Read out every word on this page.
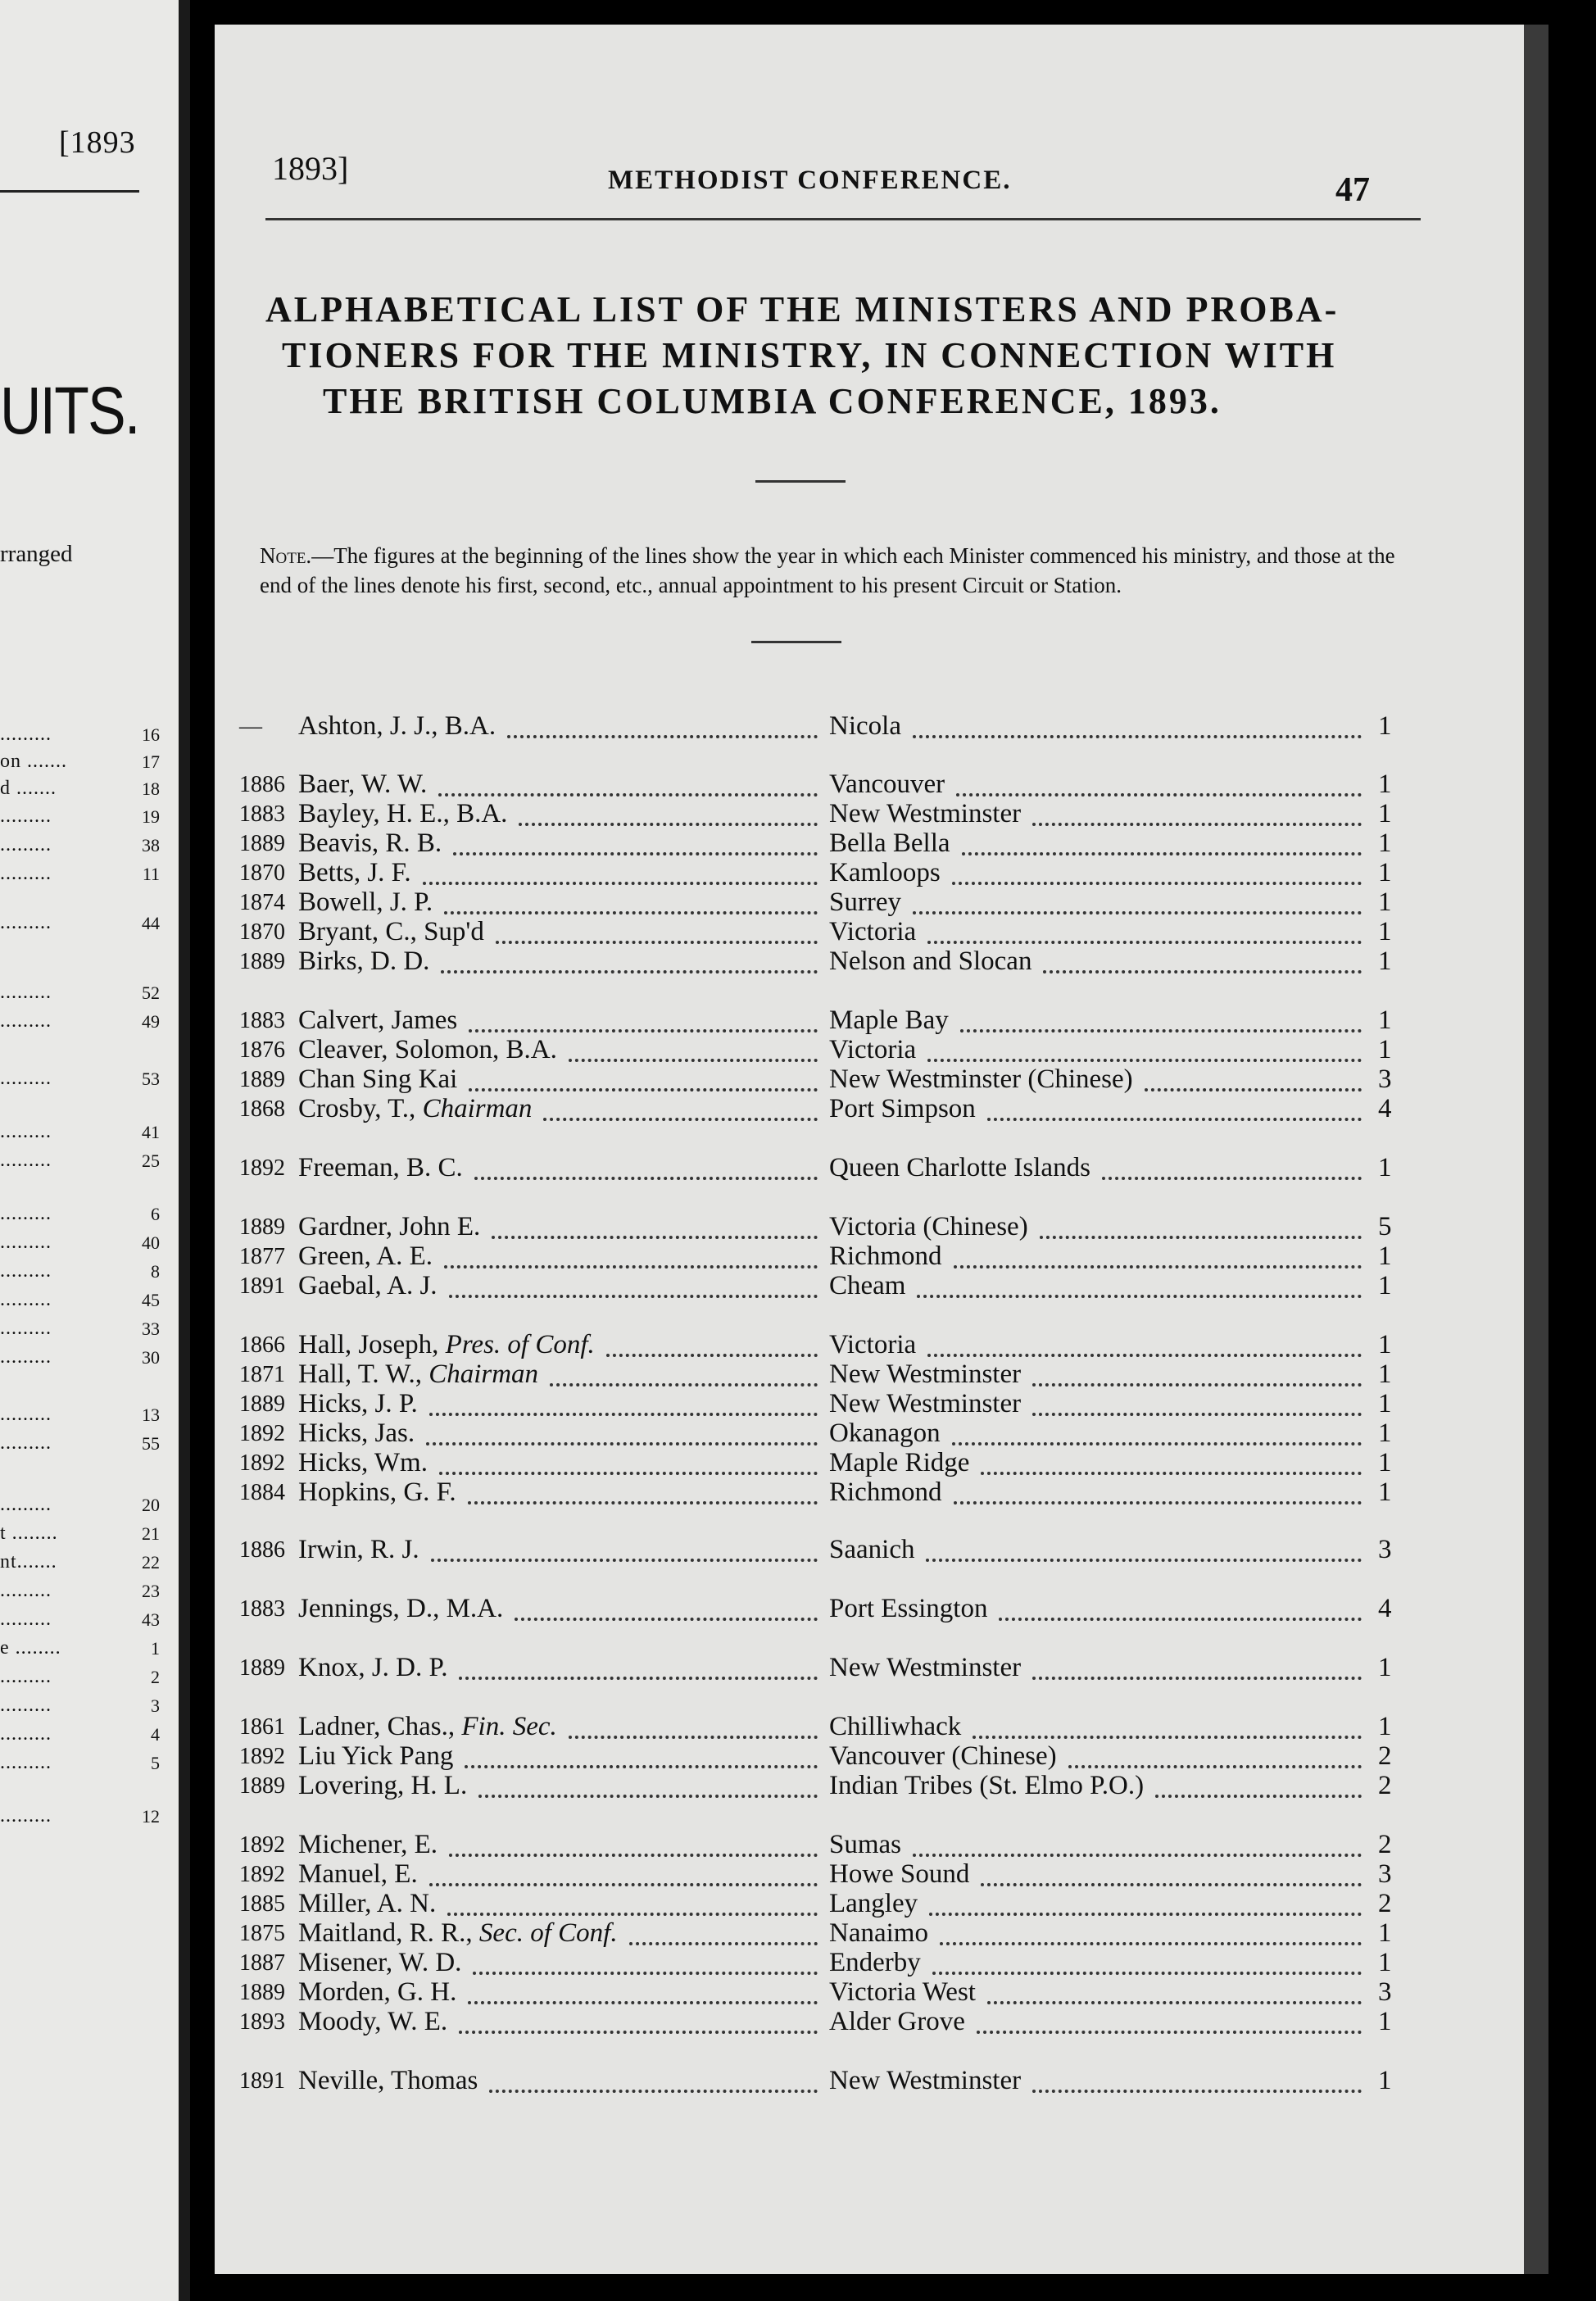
[1893
UITS.
rranged
.........	16
on .......	17
d .......	18
.........	19
.........	38
.........	11
.........	44
.........	52
.........	49
.........	53
.........	41
.........	25
.........	6
.........	40
.........	8
.........	45
.........	33
.........	30
.........	13
.........	55
.........	20
t ........	21
nt.......	22
.........	23
.........	43
e ........	1
.........	2
.........	3
.........	4
.........	5
.........	12
1893]	METHODIST CONFERENCE.	47
ALPHABETICAL LIST OF THE MINISTERS AND PROBA-
TIONERS FOR THE MINISTRY, IN CONNECTION WITH
THE BRITISH COLUMBIA CONFERENCE, 1893.
Note.—The figures at the beginning of the lines show the year in which each Minister commenced his ministry, and those at the end of the lines denote his first, second, etc., annual appointment to his present Circuit or Station.
— Ashton, J. J., B.A.	Nicola	1
1886 Baer, W. W.	Vancouver	1
1883 Bayley, H. E., B.A.	New Westminster	1
1889 Beavis, R. B.	Bella Bella	1
1870 Betts, J. F.	Kamloops	1
1874 Bowell, J. P.	Surrey	1
1870 Bryant, C., Sup'd	Victoria	1
1889 Birks, D. D.	Nelson and Slocan	1
1883 Calvert, James	Maple Bay	1
1876 Cleaver, Solomon, B.A.	Victoria	1
1889 Chan Sing Kai	New Westminster (Chinese)	3
1868 Crosby, T., Chairman	Port Simpson	4
1892 Freeman, B. C.	Queen Charlotte Islands	1
1889 Gardner, John E.	Victoria (Chinese)	5
1877 Green, A. E.	Richmond	1
1891 Gaebal, A. J.	Cheam	1
1866 Hall, Joseph, Pres. of Conf.	Victoria	1
1871 Hall, T. W., Chairman	New Westminster	1
1889 Hicks, J. P.	New Westminster	1
1892 Hicks, Jas.	Okanagon	1
1892 Hicks, Wm.	Maple Ridge	1
1884 Hopkins, G. F.	Richmond	1
1886 Irwin, R. J.	Saanich	3
1883 Jennings, D., M.A.	Port Essington	4
1889 Knox, J. D. P.	New Westminster	1
1861 Ladner, Chas., Fin. Sec.	Chilliwhack	1
1892 Liu Yick Pang	Vancouver (Chinese)	2
1889 Lovering, H. L.	Indian Tribes (St. Elmo P.O.)	2
1892 Michener, E.	Sumas	2
1892 Manuel, E.	Howe Sound	3
1885 Miller, A. N.	Langley	2
1875 Maitland, R. R., Sec. of Conf.	Nanaimo	1
1887 Misener, W. D.	Enderby	1
1889 Morden, G. H.	Victoria West	3
1893 Moody, W. E.	Alder Grove	1
1891 Neville, Thomas	New Westminster	1
